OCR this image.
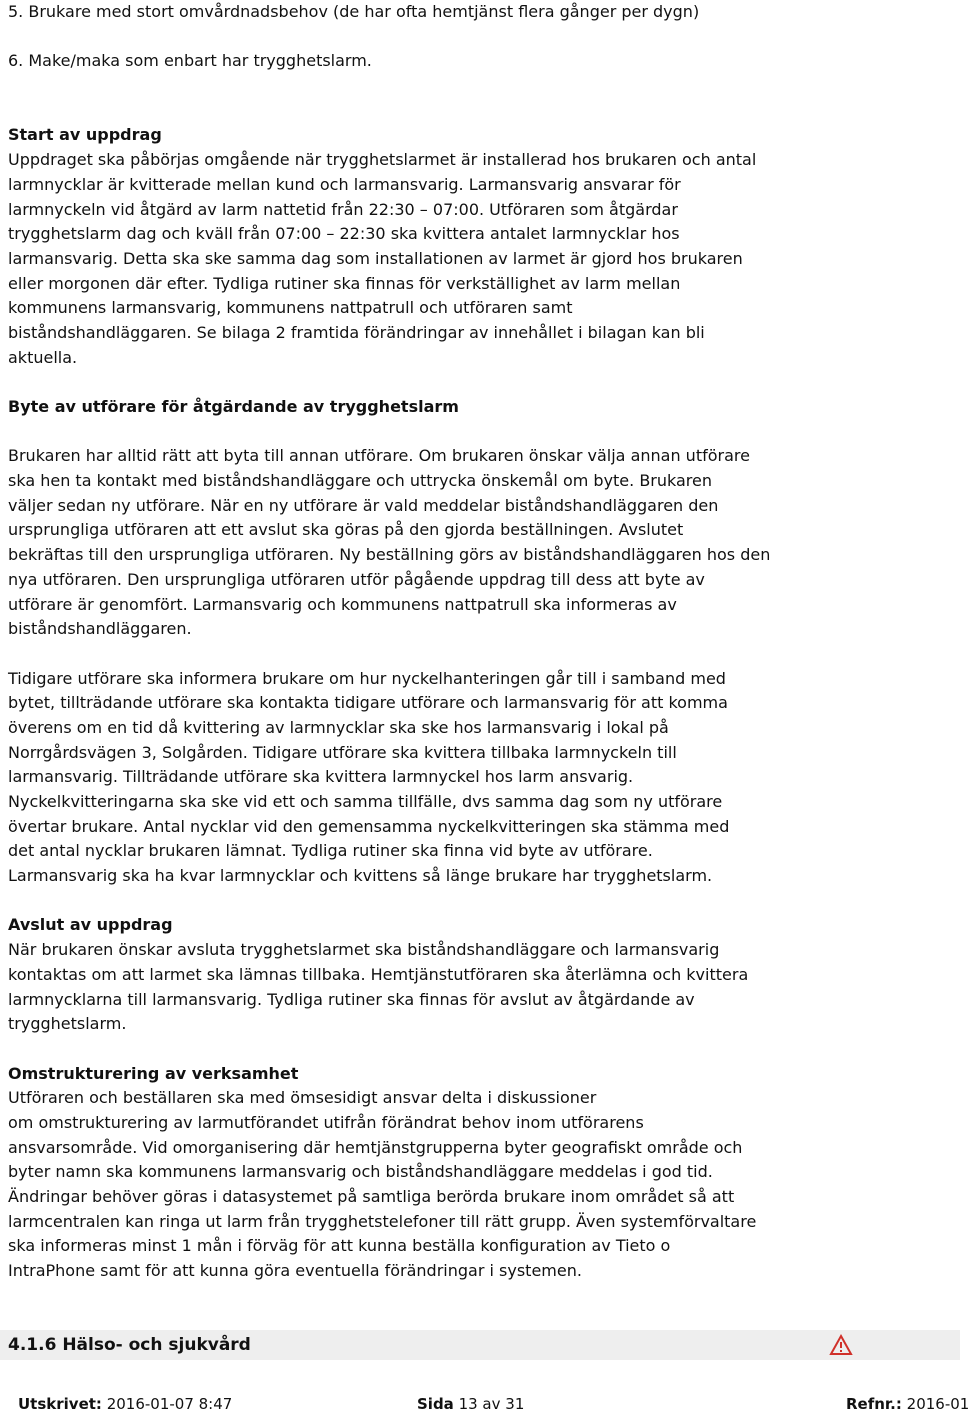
5. Brukare med stort omvårdnadsbehov (de har ofta hemtjänst flera gånger per dygn)
6. Make/maka som enbart har trygghetslarm.
Start av uppdrag
Uppdraget ska påbörjas omgående när trygghetslarmet är installerad hos brukaren och antal
larmnycklar är kvitterade mellan kund och larmansvarig. Larmansvarig ansvarar för
larmnyckeln vid åtgärd av larm nattetid från 22:30 – 07:00. Utföraren som åtgärdar
trygghetslarm dag och kväll från 07:00 – 22:30 ska kvittera antalet larmnycklar hos
larmansvarig. Detta ska ske samma dag som installationen av larmet är gjord hos brukaren
eller morgonen där efter. Tydliga rutiner ska finnas för verkställighet av larm mellan
kommunens larmansvarig, kommunens nattpatrull och utföraren samt
biståndshandläggaren. Se bilaga 2 framtida förändringar av innehållet i bilagan kan bli
aktuella.
Byte av utförare för åtgärdande av trygghetslarm
Brukaren har alltid rätt att byta till annan utförare. Om brukaren önskar välja annan utförare
ska hen ta kontakt med biståndshandläggare och uttrycka önskemål om byte. Brukaren
väljer sedan ny utförare. När en ny utförare är vald meddelar biståndshandläggaren den
ursprungliga utföraren att ett avslut ska göras på den gjorda beställningen. Avslutet
bekräftas till den ursprungliga utföraren. Ny beställning görs av biståndshandläggaren hos den
nya utföraren. Den ursprungliga utföraren utför pågående uppdrag till dess att byte av
utförare är genomfört. Larmansvarig och kommunens nattpatrull ska informeras av
biståndshandläggaren.
Tidigare utförare ska informera brukare om hur nyckelhanteringen går till i samband med
bytet, tillträdande utförare ska kontakta tidigare utförare och larmansvarig för att komma
överens om en tid då kvittering av larmnycklar ska ske hos larmansvarig i lokal på
Norrgårdsvägen 3, Solgården. Tidigare utförare ska kvittera tillbaka larmnyckeln till
larmansvarig. Tillträdande utförare ska kvittera larmnyckel hos larm ansvarig.
Nyckelkvitteringarna ska ske vid ett och samma tillfälle, dvs samma dag som ny utförare
övertar brukare. Antal nycklar vid den gemensamma nyckelkvitteringen ska stämma med
det antal nycklar brukaren lämnat. Tydliga rutiner ska finna vid byte av utförare.
Larmansvarig ska ha kvar larmnycklar och kvittens så länge brukare har trygghetslarm.
Avslut av uppdrag
När brukaren önskar avsluta trygghetslarmet ska biståndshandläggare och larmansvarig
kontaktas om att larmet ska lämnas tillbaka. Hemtjänstutföraren ska återlämna och kvittera
larmnycklarna till larmansvarig. Tydliga rutiner ska finnas för avslut av åtgärdande av
trygghetslarm.
Omstrukturering av verksamhet
Utföraren och beställaren ska med ömsesidigt ansvar delta i diskussioner
om omstrukturering av larmutförandet utifrån förändrat behov inom utförarens
ansvarsområde. Vid omorganisering där hemtjänstgrupperna byter geografiskt område och
byter namn ska kommunens larmansvarig och biståndshandläggare meddelas i god tid.
Ändringar behöver göras i datasystemet på samtliga berörda brukare inom området så att
larmcentralen kan ringa ut larm från trygghetstelefoner till rätt grupp. Även systemförvaltare
ska informeras minst 1 mån i förväg för att kunna beställa konfiguration av Tieto o
IntraPhone samt för att kunna göra eventuella förändringar i systemen.
4.1.6 Hälso- och sjukvård
Utskrivet: 2016-01-07 8:47	Sida 13 av 31	Refnr.: 2016-01
